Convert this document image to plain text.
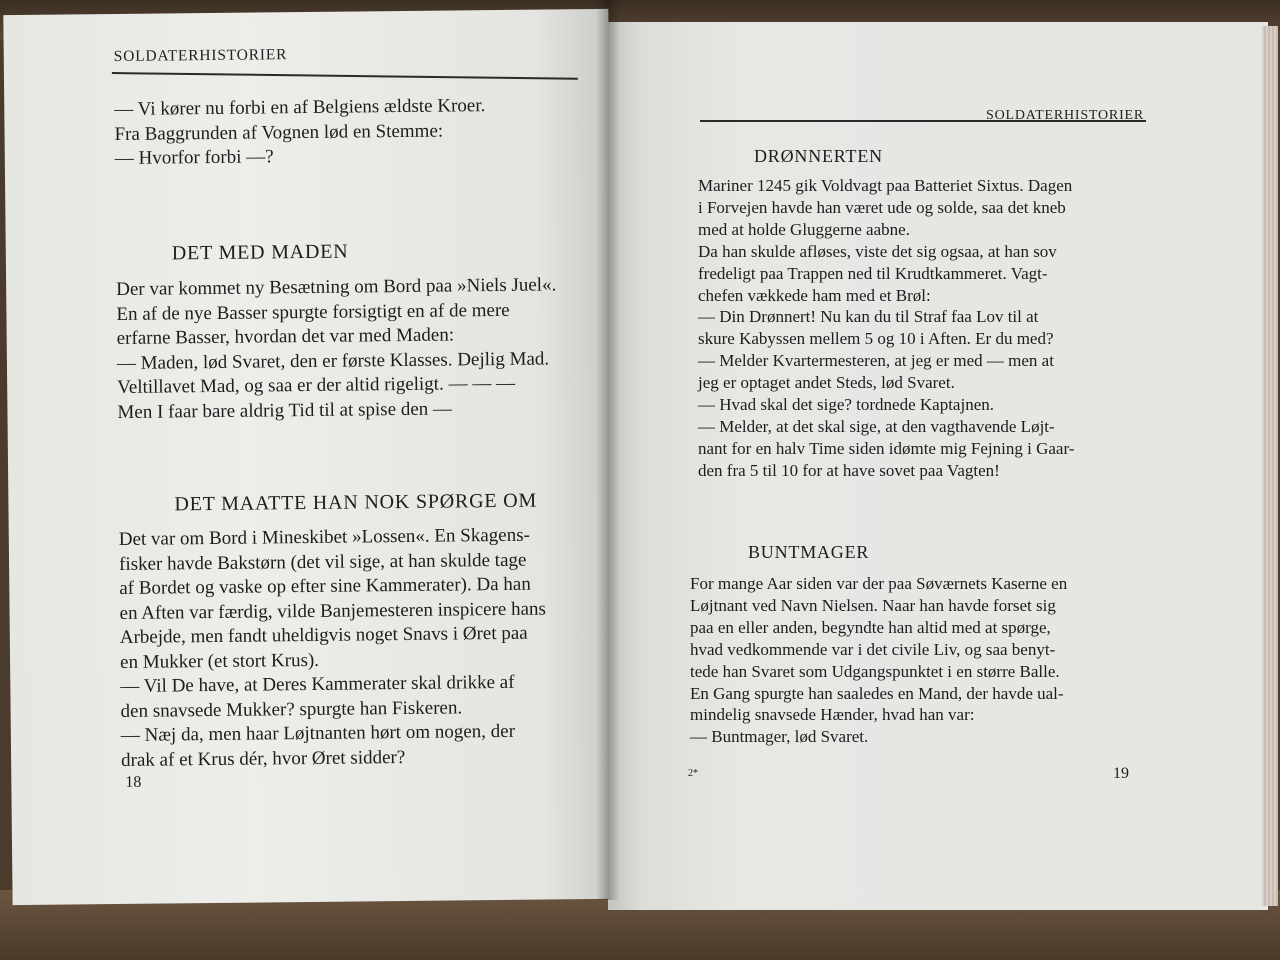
SOLDATERHISTORIER

— Vi kører nu forbi en af Belgiens ældste Kroer.

Fra Baggrunden af Vognen lød en Stemme:

— Hvorfor forbi —?

DET MED MADEN

Der var kommet ny Besætning om Bord paa »Niels Juel«.

En af de nye Basser spurgte forsigtigt en af de mere

erfarne Basser, hvordan det var med Maden:

— Maden, lød Svaret, den er første Klasses. Dejlig Mad.

Veltillavet Mad, og saa er der altid rigeligt. — — —

Men I faar bare aldrig Tid til at spise den —

DET MAATTE HAN NOK SPØRGE OM

Det var om Bord i Mineskibet »Lossen«. En Skagens-

fisker havde Bakstørn (det vil sige, at han skulde tage

af Bordet og vaske op efter sine Kammerater). Da han

en Aften var færdig, vilde Banjemesteren inspicere hans

Arbejde, men fandt uheldigvis noget Snavs i Øret paa

en Mukker (et stort Krus).

— Vil De have, at Deres Kammerater skal drikke af

den snavsede Mukker? spurgte han Fiskeren.

— Næj da, men haar Løjtnanten hørt om nogen, der

drak af et Krus dér, hvor Øret sidder?

18
SOLDATERHISTORIER
DRØNNERTEN

Mariner 1245 gik Voldvagt paa Batteriet Sixtus. Dagen

i Forvejen havde han været ude og solde, saa det kneb

med at holde Gluggerne aabne.

Da han skulde afløses, viste det sig ogsaa, at han sov

fredeligt paa Trappen ned til Krudtkammeret. Vagt-

chefen vækkede ham med et Brøl:

— Din Drønnert! Nu kan du til Straf faa Lov til at

skure Kabyssen mellem 5 og 10 i Aften. Er du med?

— Melder Kvartermesteren, at jeg er med — men at

jeg er optaget andet Steds, lød Svaret.

— Hvad skal det sige? tordnede Kaptajnen.

— Melder, at det skal sige, at den vagthavende Løjt-

nant for en halv Time siden idømte mig Fejning i Gaar-

den fra 5 til 10 for at have sovet paa Vagten!

BUNTMAGER

For mange Aar siden var der paa Søværnets Kaserne en

Løjtnant ved Navn Nielsen. Naar han havde forset sig

paa en eller anden, begyndte han altid med at spørge,

hvad vedkommende var i det civile Liv, og saa benyt-

tede han Svaret som Udgangspunktet i en større Balle.

En Gang spurgte han saaledes en Mand, der havde ual-

mindelig snavsede Hænder, hvad han var:

— Buntmager, lød Svaret.

2*	19
